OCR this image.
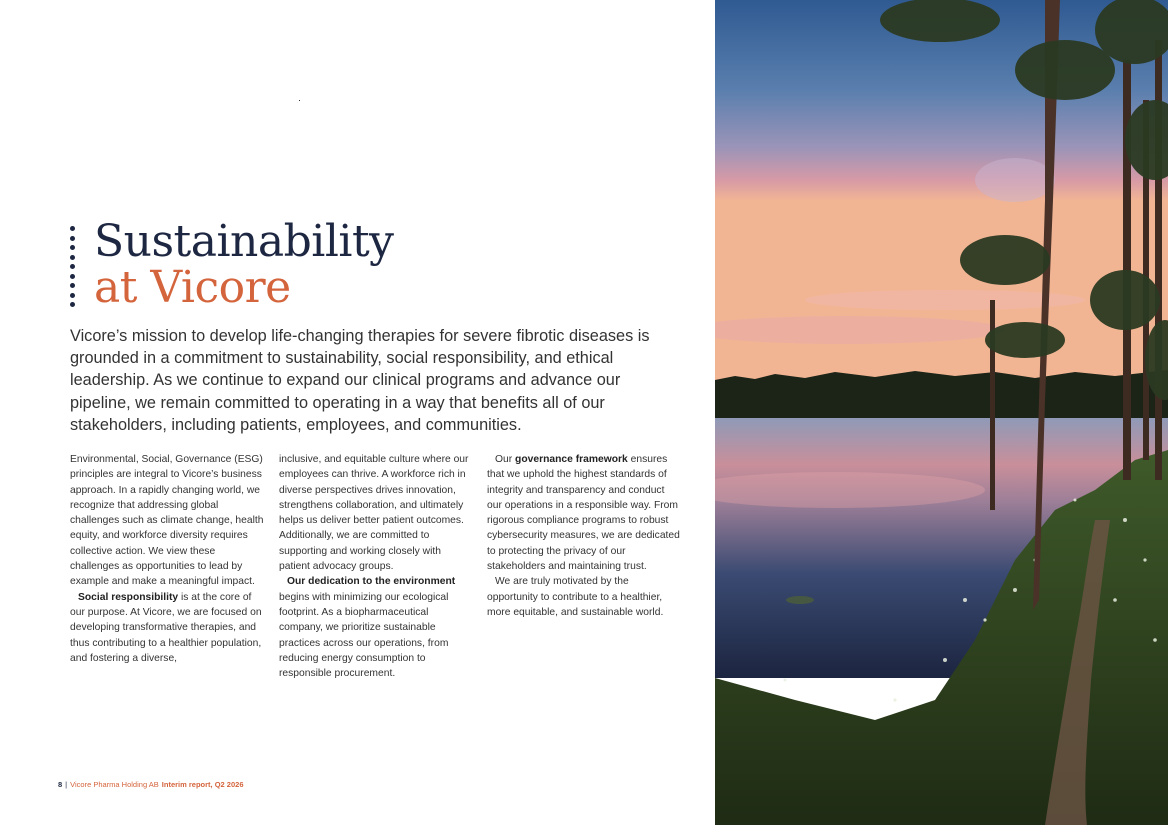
Sustainability
at Vicore
Vicore’s mission to develop life-changing therapies for severe fibrotic diseases is grounded in a commitment to sustainability, social responsibility, and ethical leadership. As we continue to expand our clinical programs and advance our pipeline, we remain committed to operating in a way that benefits all of our stakeholders, including patients, employees, and communities.

Environmental, Social, Governance (ESG) principles are integral to Vicore’s business approach. In a rapidly changing world, we recognize that addressing global challenges such as climate change, health equity, and workforce diversity requires collective action. We view these challenges as opportunities to lead by example and make a meaningful impact.

Social responsibility is at the core of our purpose. At Vicore, we are focused on developing transformative therapies, and thus contributing to a healthier population, and fostering a diverse,

inclusive, and equitable culture where our employees can thrive. A workforce rich in diverse perspectives drives innovation, strengthens collaboration, and ultimately helps us deliver better patient outcomes. Additionally, we are committed to supporting and working closely with patient advocacy groups.

Our dedication to the environment begins with minimizing our ecological footprint. As a biopharmaceutical company, we prioritize sustainable practices across our operations, from reducing energy consumption to responsible procurement.

Our governance framework ensures that we uphold the highest standards of integrity and transparency and conduct our operations in a responsible way. From rigorous compliance programs to robust cybersecurity measures, we are dedicated to protecting the privacy of our stakeholders and maintaining trust.

We are truly motivated by the opportunity to contribute to a healthier, more equitable, and sustainable world.

8 | Vicore Pharma Holding AB Interim report, Q2 2026
